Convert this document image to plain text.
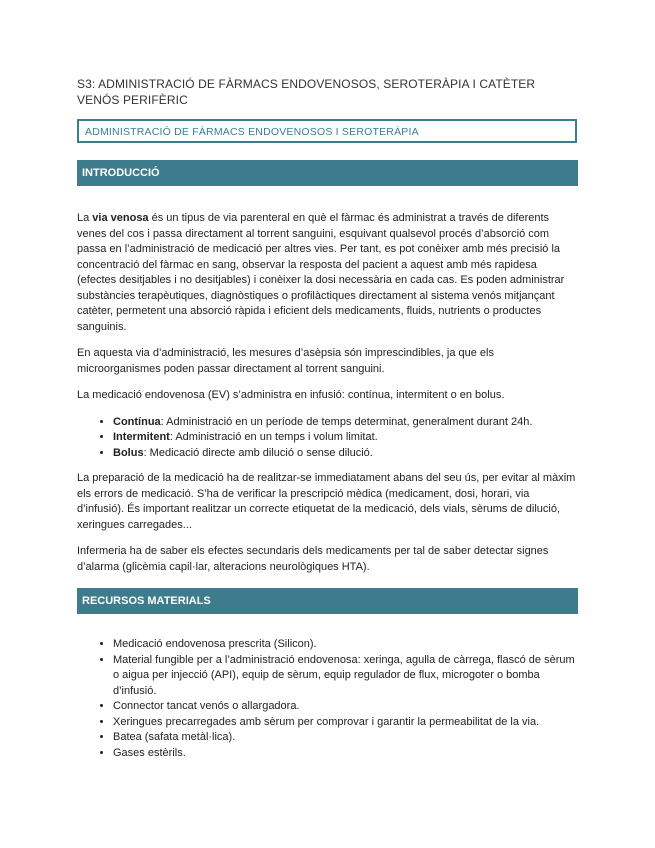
S3: ADMINISTRACIÓ DE FÀRMACS ENDOVENOSOS, SEROTERÀPIA I CATÈTER VENÓS PERIFÈRIC
ADMINISTRACIÓ DE FÀRMACS ENDOVENOSOS I SEROTERÀPIA
INTRODUCCIÓ

La via venosa és un tipus de via parenteral en què el fàrmac és administrat a través de diferents venes del cos i passa directament al torrent sanguini, esquivant qualsevol procés d’absorció com passa en l’administració de medicació per altres vies. Per tant, es pot conèixer amb més precisió la concentració del fàrmac en sang, observar la resposta del pacient a aquest amb més rapidesa (efectes desitjables i no desitjables) i conèixer la dosi necessària en cada cas. Es poden administrar substàncies terapèutiques, diagnòstiques o profilàctiques directament al sistema venós mitjançant catèter, permetent una absorció ràpida i eficient dels medicaments, fluids, nutrients o productes sanguinis.

En aquesta via d’administració, les mesures d’asèpsia són imprescindibles, ja que els microorganismes poden passar directament al torrent sanguini.

La medicació endovenosa (EV) s’administra en infusió: contínua, intermitent o en bolus.

• Contínua: Administració en un període de temps determinat, generalment durant 24h.
• Intermitent: Administració en un temps i volum limitat.
• Bolus: Medicació directe amb dilució o sense dilució.

La preparació de la medicació ha de realitzar-se immediatament abans del seu ús, per evitar al màxim els errors de medicació. S’ha de verificar la prescripció mèdica (medicament, dosi, horari, via d’infusió). És important realitzar un correcte etiquetat de la medicació, dels vials, sèrums de dilució, xeringues carregades...

Infermeria ha de saber els efectes secundaris dels medicaments per tal de saber detectar signes d’alarma (glicèmia capil·lar, alteracions neurològiques HTA).

RECURSOS MATERIALS
• Medicació endovenosa prescrita (Silicon).
• Material fungible per a l’administració endovenosa: xeringa, agulla de càrrega, flascó de sèrum o aigua per injecció (API), equip de sèrum, equip regulador de flux, microgoter o bomba d’infusió.
• Connector tancat venós o allargadora.
• Xeringues precarregades amb sèrum per comprovar i garantir la permeabilitat de la via.
• Batea (safata metàl·lica).
• Gases estèrils.
